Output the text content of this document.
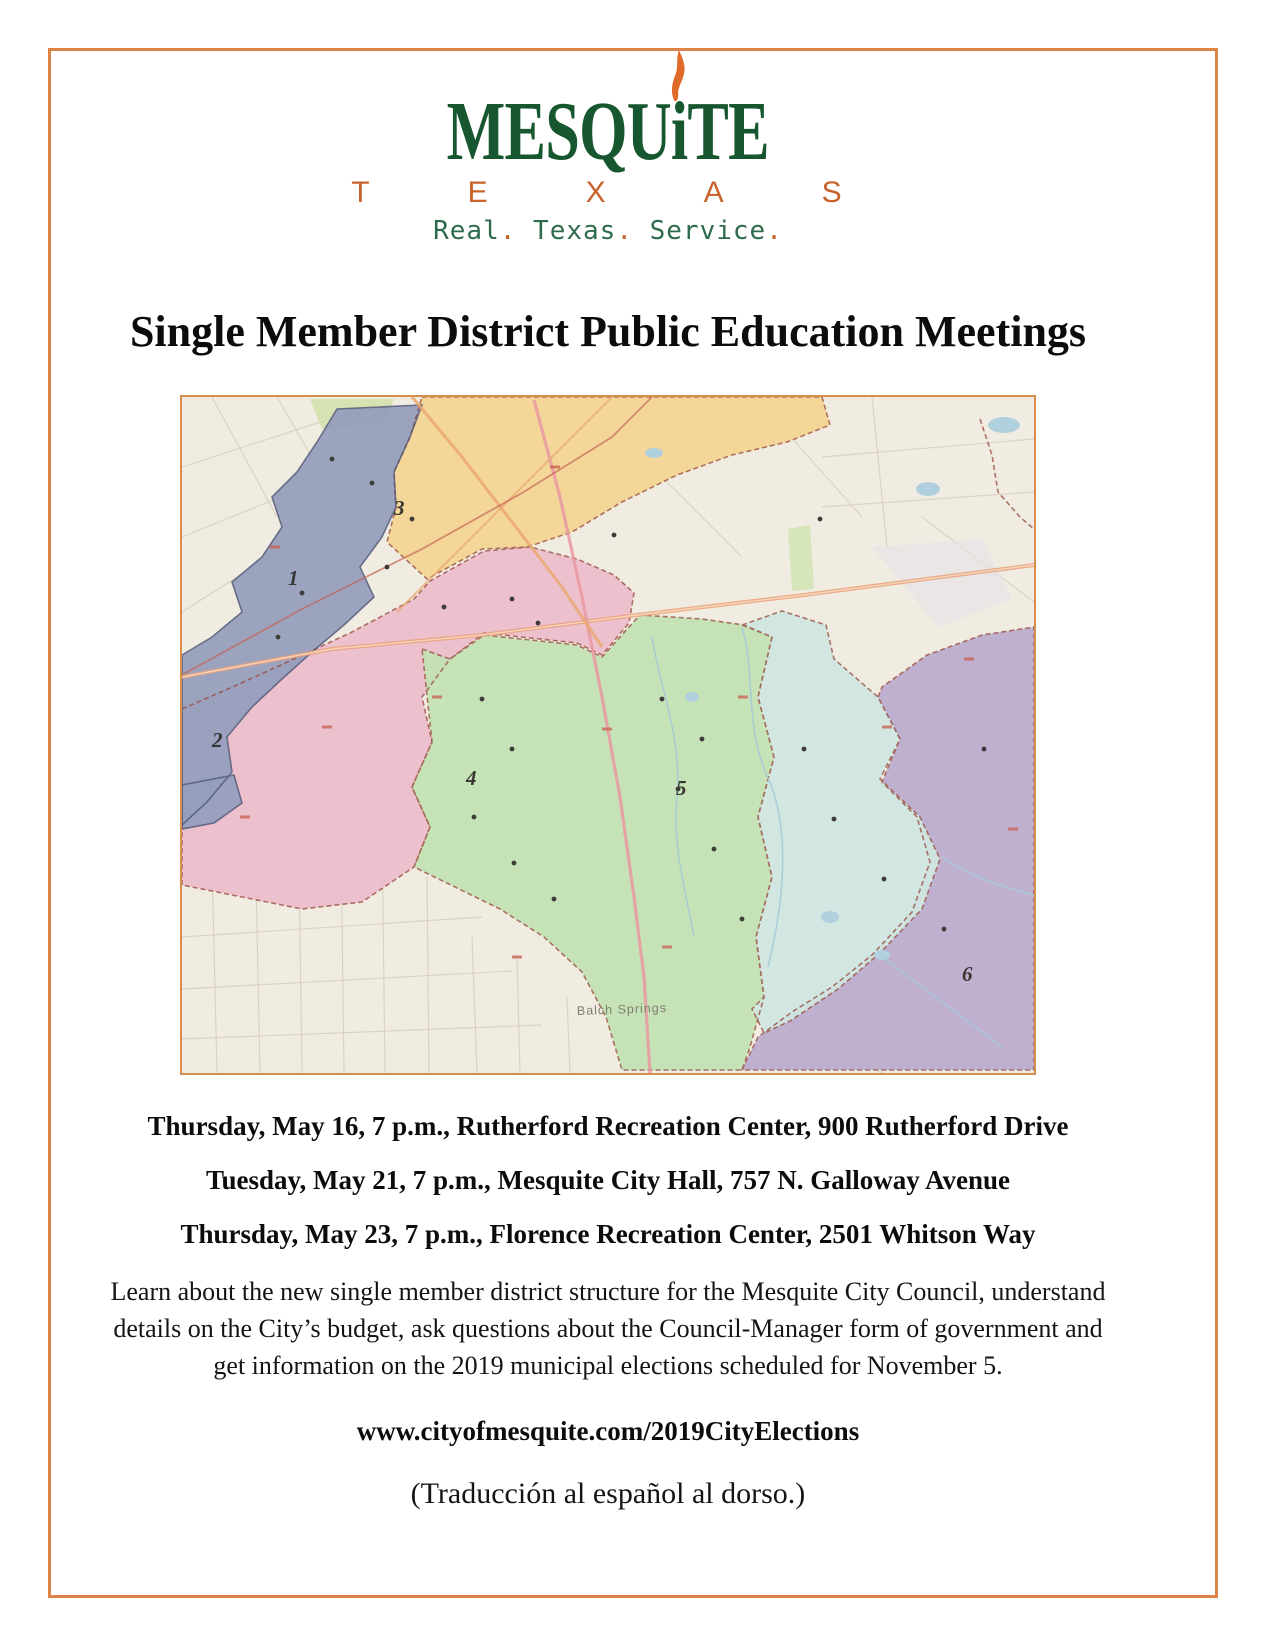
MESQUi
TE
T E X A S
Real. Texas. Service.
Single Member District Public Education Meetings
1
2
3
4	5
6
Balch Springs
Thursday, May 16, 7 p.m., Rutherford Recreation Center, 900 Rutherford Drive
Tuesday, May 21, 7 p.m., Mesquite City Hall, 757 N. Galloway Avenue
Thursday, May 23, 7 p.m., Florence Recreation Center, 2501 Whitson Way
Learn about the new single member district structure for the Mesquite City Council, understand
details on the City’s budget, ask questions about the Council-Manager form of government and
get information on the 2019 municipal elections scheduled for November 5.
www.cityofmesquite.com/2019CityElections
(Traducción al español al dorso.)
